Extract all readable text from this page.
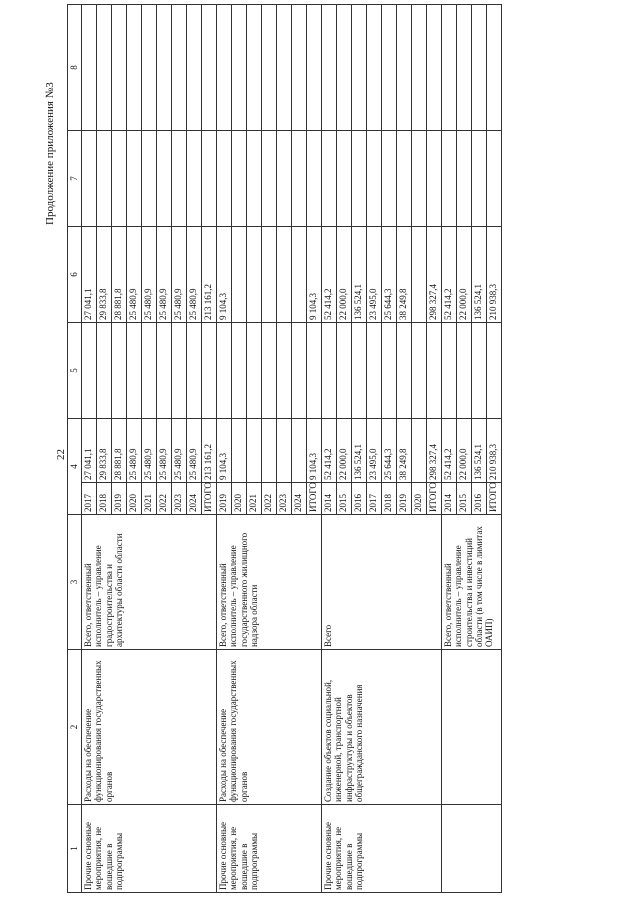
Продолжение приложения №3
22
1	2	3	4		5	6	7	8
Прочие основные мероприятия, не вошедшие в подпрограммы	Расходы на обеспечение функционирования государственных органов	Всего, ответственный исполнитель – управление градостроительства и архитектуры области области	2017	27 041,1		27 041,1		
			2018	29 833,8		29 833,8		
			2019	28 881,8		28 881,8		
			2020	25 480,9		25 480,9		
			2021	25 480,9		25 480,9		
			2022	25 480,9		25 480,9		
			2023	25 480,9		25 480,9		
			2024	25 480,9		25 480,9		
			ИТОГО	213 161,2		213 161,2		
Прочие основные мероприятия, не вошедшие в подпрограммы	Расходы на обеспечение функционирования государственных органов	Всего, ответственный исполнитель – управление государственного жилищного надзора области	2019	9 104,3		9 104,3		
			2020					
			2021					
			2022					
			2023					
			2024					
			ИТОГО	9 104,3		9 104,3		
Прочие основные мероприятия, не вошедшие в подпрограммы	Создание объектов социальной, инженерной, транспортной инфраструктуры и объектов общегражданского назначения	Всего	2014	52 414,2		52 414,2		
			2015	22 000,0		22 000,0		
			2016	136 524,1		136 524,1		
			2017	23 495,0		23 495,0		
			2018	25 644,3		25 644,3		
			2019	38 249,8		38 249,8		
			2020					
			ИТОГО	298 327,4		298 327,4		
		Всего, ответственный исполнитель – управление строительства и инвестиций области (в том числе в лимитах ОАИП)	2014	52 414,2		52 414,2		
			2015	22 000,0		22 000,0		
			2016	136 524,1		136 524,1		
			ИТОГО	210 938,3		210 938,3		
